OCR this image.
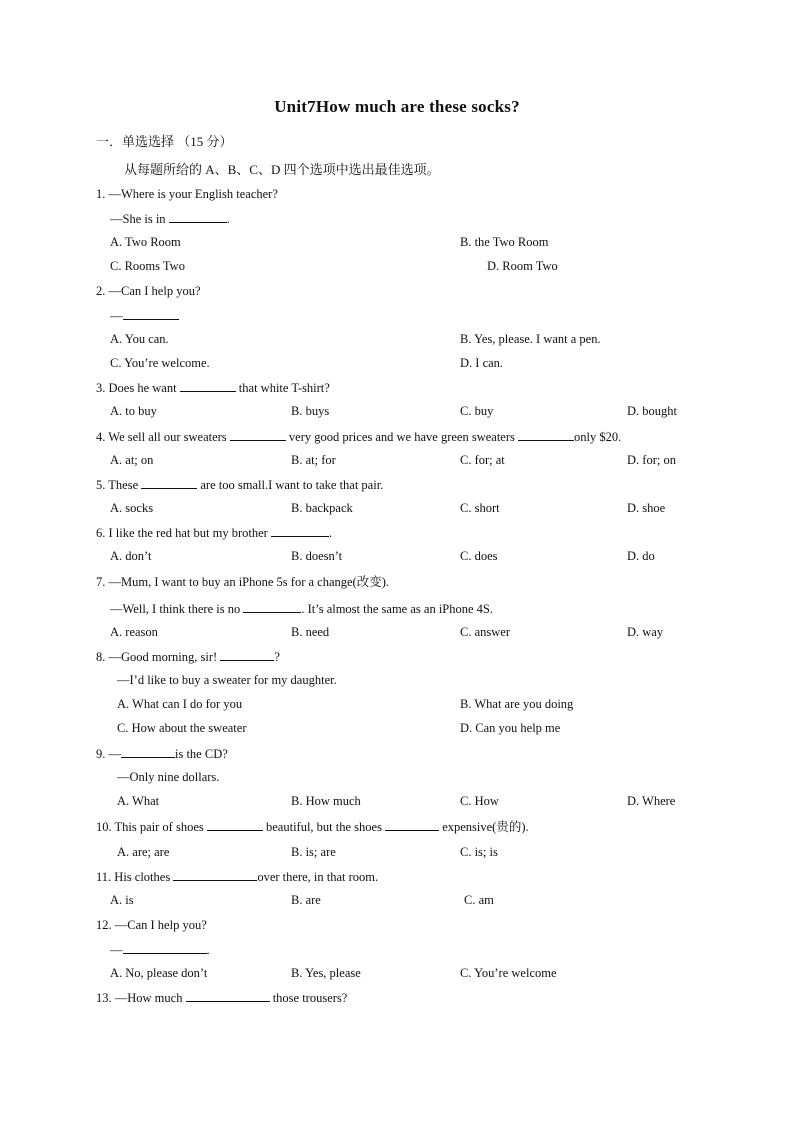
Unit7How much are these socks?
一．单选选择 （15 分）
从每题所给的 A、B、C、D 四个选项中选出最佳选项。
1. —Where is your English teacher?
—She is in	.
A. Two Room	B. the Two Room
C. Rooms Two	D. Room Two
2. —Can I help you?
—
A. You can.	B. Yes, please. I want a pen.
C. You’re welcome.	D. I can.
3. Does he want	that white T-shirt?
A. to buy	B. buys	C. buy	D. bought
4. We sell all our sweaters	very good prices and we have green sweaters	only $20.
A. at; on	B. at; for	C. for; at	D. for; on
5. These	are too small.I want to take that pair.
A. socks	B. backpack	C. short	D. shoe
6. I like the red hat but my brother	.
A. don’t	B. doesn’t	C. does	D. do
7. —Mum, I want to buy an iPhone 5s for a change(改变).
—Well, I think there is no	. It’s almost the same as an iPhone 4S.
A. reason	B. need	C. answer	D. way
8. —Good morning, sir!	?
—I’d like to buy a sweater for my daughter.
A. What can I do for you	B. What are you doing
C. How about the sweater	D. Can you help me
9. —	is the CD?
—Only nine dollars.
A. What	B. How much	C. How	D. Where
10. This pair of shoes	beautiful, but the shoes	expensive(贵的).
A. are; are	B. is; are	C. is; is
11. His clothes	over there, in that room.
A. is	B. are	C. am
12. —Can I help you?
—	.
A. No, please don’t	B. Yes, please	C. You’re welcome
13. —How much	those trousers?
